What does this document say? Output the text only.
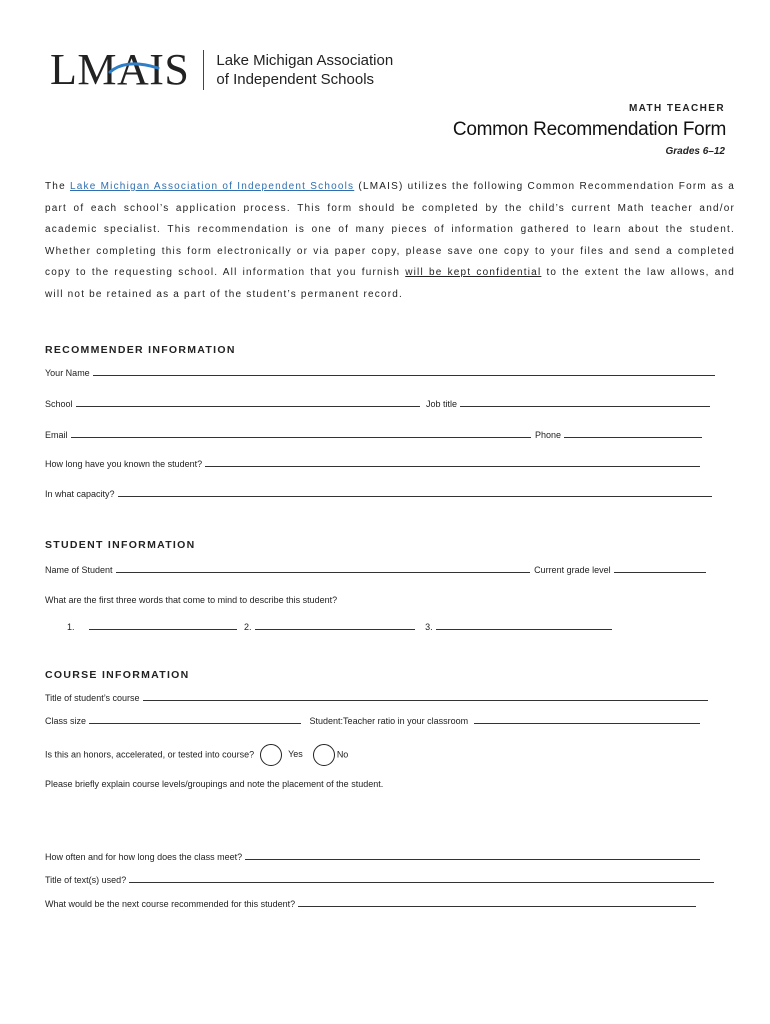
LMAIS Lake Michigan Association
of Independent Schools
MATH TEACHER
Common Recommendation Form
Grades 6–12
The Lake Michigan Association of Independent Schools (LMAIS) utilizes the following Common Recommendation Form as a part of each school’s application process. This form should be completed by the child’s current Math teacher and/or academic specialist. This recommendation is one of many pieces of information gathered to learn about the student. Whether completing this form electronically or via paper copy, please save one copy to your files and send a completed copy to the requesting school. All information that you furnish will be kept confidential to the extent the law allows, and will not be retained as a part of the student’s permanent record.
RECOMMENDER INFORMATION
Your Name
School	Job title
Email	Phone
How long have you known the student?
In what capacity?
STUDENT INFORMATION
Name of Student	Current grade level
What are the first three words that come to mind to describe this student?
1.	2.	3.
COURSE INFORMATION
Title of student’s course
Class size	Student:Teacher ratio in your classroom
Is this an honors, accelerated, or tested into course?	Yes	No
Please briefly explain course levels/groupings and note the placement of the student.
How often and for how long does the class meet?
Title of text(s) used?
What would be the next course recommended for this student?
